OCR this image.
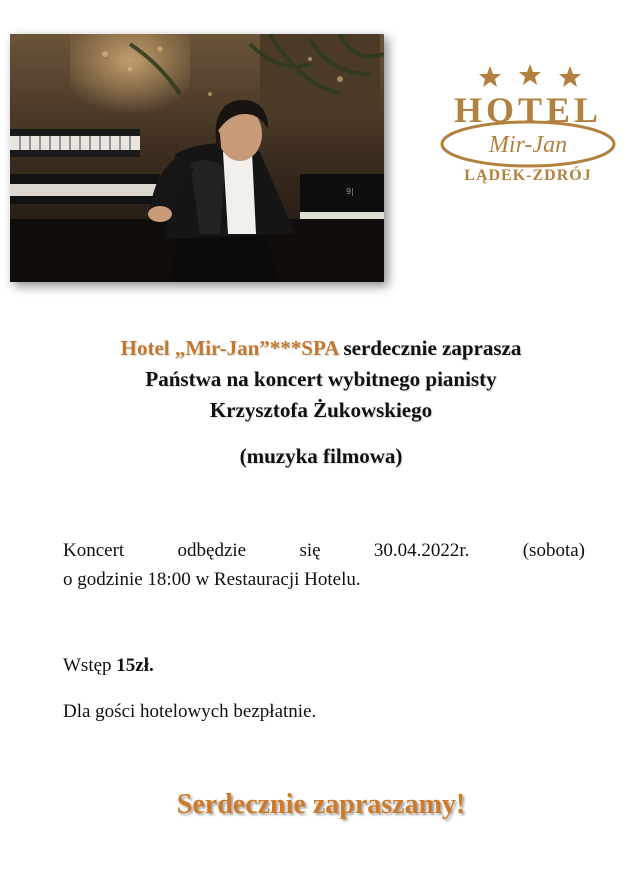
9|
HOTEL
Mir-Jan
LĄDEK-ZDRÓJ
Hotel „Mir-Jan”***SPA serdecznie zaprasza
Państwa na koncert wybitnego pianisty
Krzysztofa Żukowskiego
(muzyka filmowa)
Koncert	odbędzie	się	30.04.2022r.	(sobota)
o godzinie 18:00 w Restauracji Hotelu.
Wstęp 15zł.
Dla gości hotelowych bezpłatnie.
Serdecznie zapraszamy!
